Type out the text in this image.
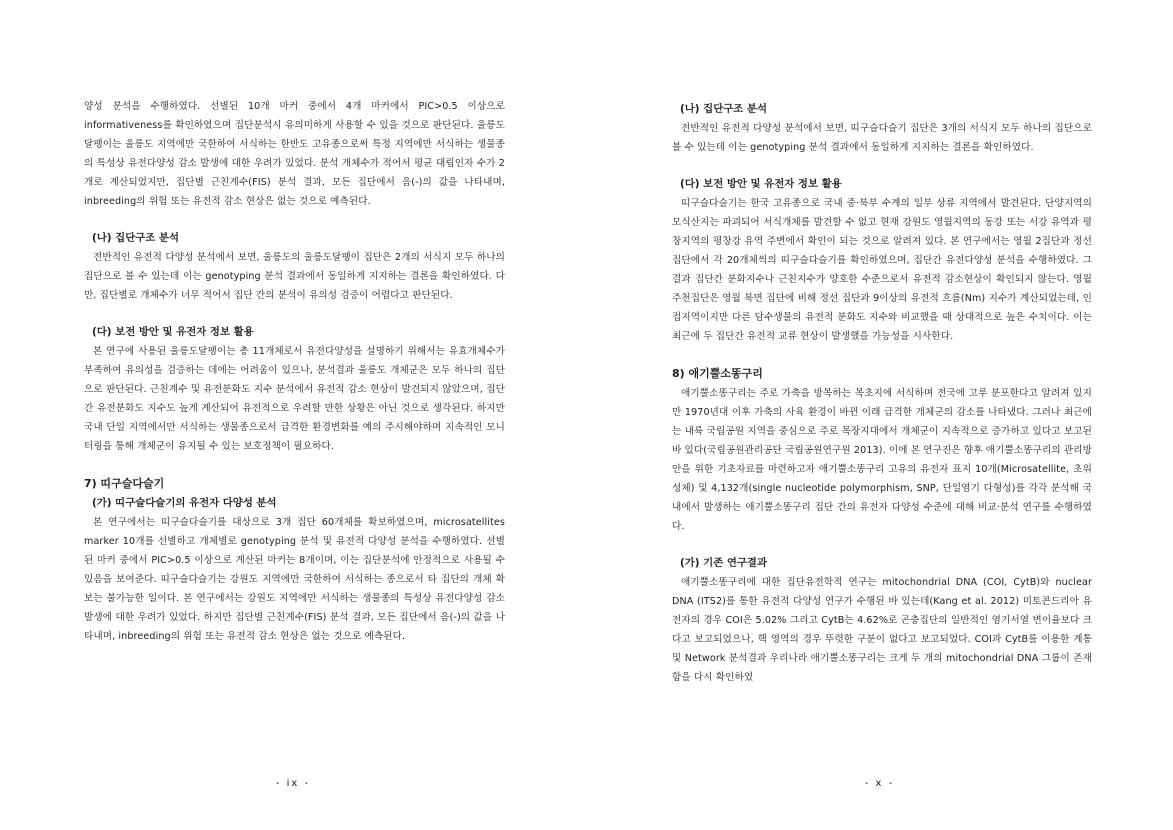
양성 분석을 수행하였다. 선별된 10개 마커 중에서 4개 마커에서 PIC>0.5 이상으로 informativeness를 확인하였으며 집단분석시 유의미하게 사용할 수 있을 것으로 판단된다. 울릉도달팽이는 울릉도 지역에만 국한하여 서식하는 한반도 고유종으로써 특정 지역에만 서식하는 생물종의 특성상 유전다양성 감소 발생에 대한 우려가 있었다. 분석 개체수가 적어서 평균 대립인자 수가 2개로 계산되었지만, 집단별 근친계수(FIS) 분석 결과, 모든 집단에서 음(-)의 값을 나타내며, inbreeding의 위험 또는 유전적 감소 현상은 없는 것으로 예측된다.

(나) 집단구조 분석

전반적인 유전적 다양성 분석에서 보면, 울릉도의 울릉도달팽이 집단은 2개의 서식지 모두 하나의 집단으로 볼 수 있는데 이는 genotyping 분석 결과에서 동일하게 지지하는 결론을 확인하였다. 다만, 집단별로 개체수가 너무 적어서 집단 간의 분석이 유의성 검증이 어렵다고 판단된다.

(다) 보전 방안 및 유전자 정보 활용

본 연구에 사용된 울릉도달팽이는 총 11개체로서 유전다양성을 설명하기 위해서는 유효개체수가 부족하여 유의성을 검증하는 데에는 어려움이 있으나, 분석결과 울릉도 개체군은 모두 하나의 집단으로 판단된다. 근친계수 및 유전분화도 지수 분석에서 유전적 감소 현상이 발견되지 않았으며, 집단간 유전분화도 지수도 높게 계산되어 유전적으로 우려할 만한 상황은 아닌 것으로 생각된다. 하지만 국내 단일 지역에서만 서식하는 생물종으로서 급격한 환경변화를 예의 주시해야하며 지속적인 모니터링을 통해 개체군이 유지될 수 있는 보호정책이 필요하다.

7) 띠구슬다슬기
(가) 띠구슬다슬기의 유전자 다양성 분석

본 연구에서는 띠구슬다슬기를 대상으로 3개 집단 60개체를 확보하였으며, microsatellites marker 10개를 선별하고 개체별로 genotyping 분석 및 유전적 다양성 분석을 수행하였다. 선별된 마커 중에서 PIC>0.5 이상으로 계산된 마커는 8개이며, 이는 집단분석에 안정적으로 사용될 수 있음을 보여준다. 띠구슬다슬기는 강원도 지역에만 국한하여 서식하는 종으로서 타 집단의 개체 확보는 불가능한 일이다. 본 연구에서는 강원도 지역에만 서식하는 생물종의 특성상 유전다양성 감소 발생에 대한 우려가 있었다. 하지만 집단별 근친계수(FIS) 분석 결과, 모든 집단에서 음(-)의 값을 나타내며, inbreeding의 위험 또는 유전적 감소 현상은 없는 것으로 예측된다.

- ix -
(나) 집단구조 분석

전반적인 유전적 다양성 분석에서 보면, 띠구슬다슬기 집단은 3개의 서식지 모두 하나의 집단으로 볼 수 있는데 이는 genotyping 분석 결과에서 동일하게 지지하는 결론을 확인하였다.

(다) 보전 방안 및 유전자 정보 활용

띠구슬다슬기는 한국 고유종으로 국내 중·북부 수계의 일부 상류 지역에서 발견된다. 단양지역의 모식산지는 파괴되어 서식개체를 발견할 수 없고 현재 강원도 영월지역의 동강 또는 서강 유역과 평창지역의 평창강 유역 주변에서 확인이 되는 것으로 알려져 있다. 본 연구에서는 영월 2집단과 정선 집단에서 각 20개체씩의 띠구슬다슬기를 확인하였으며, 집단간 유전다양성 분석을 수행하였다. 그 결과 집단간 분화지수나 근친지수가 양호한 수준으로서 유전적 감소현상이 확인되지 않는다. 영월 주천집단은 영월 북면 집단에 비해 정선 집단과 9이상의 유전적 흐름(Nm) 지수가 계산되었는데, 인접지역이지만 다른 담수생물의 유전적 분화도 지수와 비교했을 때 상대적으로 높은 수치이다. 이는 최근에 두 집단간 유전적 교류 현상이 발생했을 가능성을 시사한다.

8) 애기뿔소똥구리

애기뿔소똥구리는 주로 가축을 방목하는 목초지에 서식하며 전국에 고루 분포한다고 알려져 있지만 1970년대 이후 가축의 사육 환경이 바뀐 이래 급격한 개체군의 감소를 나타냈다. 그러나 최근에는 내륙 국립공원 지역을 중심으로 주로 목장지대에서 개체군이 지속적으로 증가하고 있다고 보고된 바 있다(국립공원관리공단 국립공원연구원 2013). 이에 본 연구진은 향후 애기뿔소똥구리의 관리방안을 위한 기초자료를 마련하고자 애기뿔소똥구리 고유의 유전자 표지 10개(Microsatellite, 초위성체) 및 4,132개(single nucleotide polymorphism, SNP, 단일염기 다형성)를 각각 분석해 국내에서 발생하는 애기뿔소똥구리 집단 간의 유전자 다양성 수준에 대해 비교·분석 연구를 수행하였다.

(가) 기존 연구결과

애기뿔소똥구리에 대한 집단유전학적 연구는 mitochondrial DNA (COI, CytB)와 nuclear DNA (ITS2)를 통한 유전적 다양성 연구가 수행된 바 있는데(Kang et al. 2012) 미토콘드리아 유전자의 경우 COI은 5.02% 그리고 CytB는 4.62%로 곤충집단의 일반적인 염기서열 변이율보다 크다고 보고되었으나, 핵 영역의 경우 뚜렷한 구분이 없다고 보고되었다. COI과 CytB를 이용한 계통 및 Network 분석결과 우리나라 애기뿔소똥구리는 크게 두 개의 mitochondrial DNA 그룹이 존재함을 다시 확인하였

- x -
